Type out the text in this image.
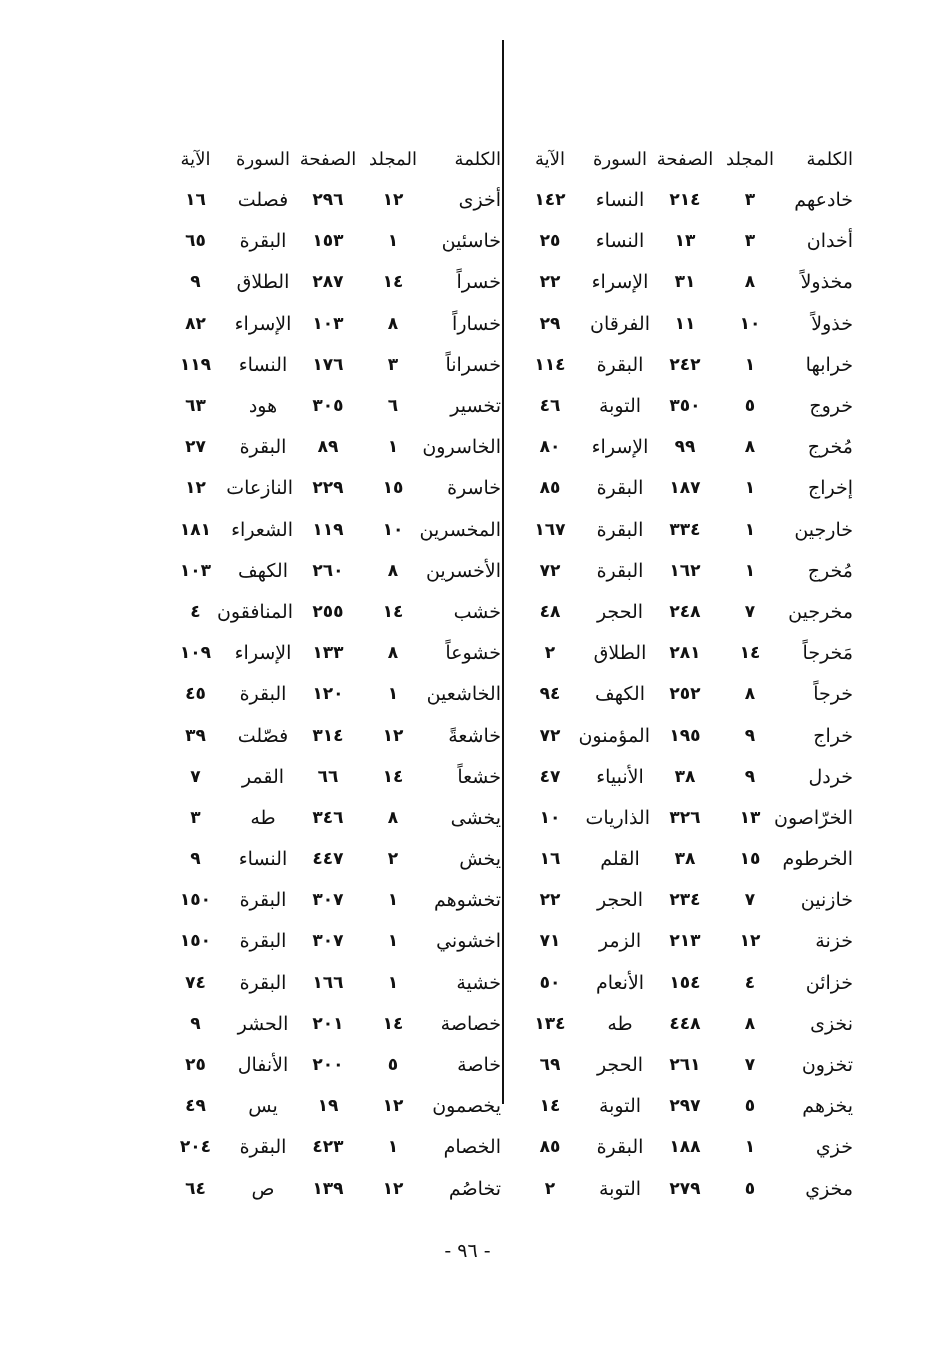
الكلمة
المجلد
الصفحة
السورة
الآية
الكلمة
المجلد
الصفحة
السورة
الآية
خادعهم
٣
٢١٤
النساء
١٤٢
أخزى
١٢
٢٩٦
فصلت
١٦
أخدان
٣
١٣
النساء
٢٥
خاسئين
١
١٥٣
البقرة
٦٥
مخذولاً
٨
٣١
الإسراء
٢٢
خسراً
١٤
٢٨٧
الطلاق
٩
خذولاً
١٠
١١
الفرقان
٢٩
خساراً
٨
١٠٣
الإسراء
٨٢
خرابها
١
٢٤٢
البقرة
١١٤
خسراناً
٣
١٧٦
النساء
١١٩
خروج
٥
٣٥٠
التوبة
٤٦
تخسير
٦
٣٠٥
هود
٦٣
مُخرج
٨
٩٩
الإسراء
٨٠
الخاسرون
١
٨٩
البقرة
٢٧
إخراج
١
١٨٧
البقرة
٨٥
خاسرة
١٥
٢٢٩
النازعات
١٢
خارجين
١
٣٣٤
البقرة
١٦٧
المخسرين
١٠
١١٩
الشعراء
١٨١
مُخرج
١
١٦٢
البقرة
٧٢
الأخسرين
٨
٢٦٠
الكهف
١٠٣
مخرجين
٧
٢٤٨
الحجر
٤٨
خشب
١٤
٢٥٥
المنافقون
٤
مَخرجاً
١٤
٢٨١
الطلاق
٢
خشوعاً
٨
١٣٣
الإسراء
١٠٩
خرجاً
٨
٢٥٢
الكهف
٩٤
الخاشعين
١
١٢٠
البقرة
٤٥
خراج
٩
١٩٥
المؤمنون
٧٢
خاشعةً
١٢
٣١٤
فصّلت
٣٩
خردل
٩
٣٨
الأنبياء
٤٧
خشعاً
١٤
٦٦
القمر
٧
الخرّاصون
١٣
٣٢٦
الذاريات
١٠
يخشى
٨
٣٤٦
طه
٣
الخرطوم
١٥
٣٨
القلم
١٦
يخش
٢
٤٤٧
النساء
٩
خازنين
٧
٢٣٤
الحجر
٢٢
تخشوهم
١
٣٠٧
البقرة
١٥٠
خزنة
١٢
٢١٣
الزمر
٧١
اخشوني
١
٣٠٧
البقرة
١٥٠
خزائن
٤
١٥٤
الأنعام
٥٠
خشية
١
١٦٦
البقرة
٧٤
نخزى
٨
٤٤٨
طه
١٣٤
خصاصة
١٤
٢٠١
الحشر
٩
تخزون
٧
٢٦١
الحجر
٦٩
خاصة
٥
٢٠٠
الأنفال
٢٥
يخزهم
٥
٢٩٧
التوبة
١٤
يخصمون
١٢
١٩
يس
٤٩
خزي
١
١٨٨
البقرة
٨٥
الخصام
١
٤٢٣
البقرة
٢٠٤
مخزي
٥
٢٧٩
التوبة
٢
تخاصُم
١٢
١٣٩
ص
٦٤
- ٩٦ -
